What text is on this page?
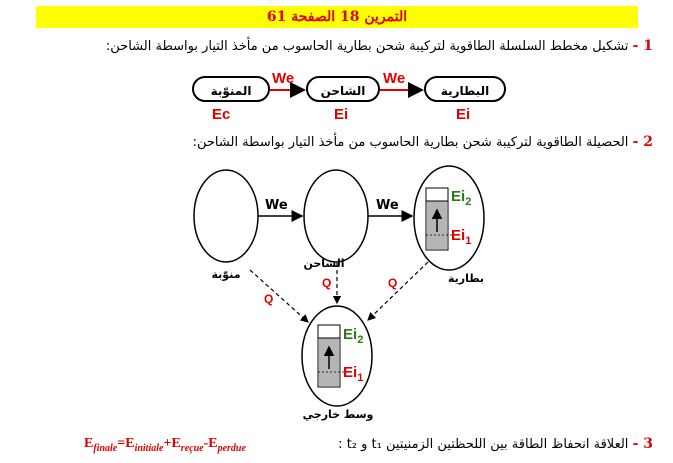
التمرين 18 الصفحة 61
1 - تشكيل مخطط السلسلة الطاقوية لتركيبة شحن بطارية الحاسوب من مأخذ التيار بواسطة الشاحن:
المنوّبة	الشاحن	البطارية
We	We
Ec	Ei	Ei
2 - الحصيلة الطاقوية لتركيبة شحن بطارية الحاسوب من مأخذ التيار بواسطة الشاحن:
We	We
$Ei_2$
$Ei_1$
$Ei_2$
$Ei_1$
الشاحن
منوّبة	بطارية
وسط خارجي
Q
Q	Q
3 - العلاقة انحفاظ الطاقة بين اللحظتين الزمنيتين t₁ و t₂ :
$E_{finale}=E_{initiale}+E_{reçue}-E_{perdue}$
